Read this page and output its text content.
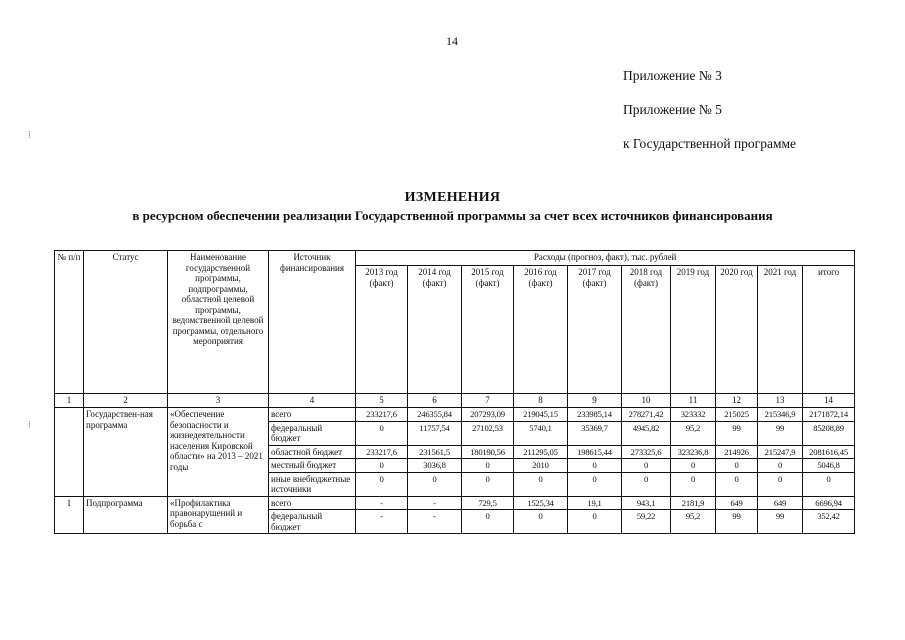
14
Приложение № 3
Приложение № 5
к Государственной программе
ИЗМЕНЕНИЯ
в ресурсном обеспечении реализации Государственной программы за счет всех источников финансирования
⁞
⁞
№ п/п	Статус	Наименование государственной программы, подпрограммы, областной целевой программы, ведомственной целевой программы, отдельного мероприятия	Источник финансирования	Расходы (прогноз, факт), тыс. рублей									
				2013 год (факт)	2014 год (факт)	2015 год (факт)	2016 год (факт)	2017 год (факт)	2018 год (факт)	2019 год	2020 год	2021 год	итого
1	2	3	4	5	6	7	8	9	10	11	12	13	14
	Государствен-ная программа	«Обеспечение безопасности и жизнедеятельности населения Кировской области» на 2013 – 2021 годы	всего	233217,6	246355,84	207293,09	219045,15	233985,14	278271,42	323332	215025	215346,9	2171872,14
			федеральный бюджет	0	11757,54	27102,53	5740,1	35369,7	4945,82	95,2	99	99	85208,89
			областной бюджет	233217,6	231561,5	180190,56	211295,05	198615,44	273325,6	323236,8	214926	215247,9	2081616,45
			местный бюджет	0	3036,8	0	2010	0	0	0	0	0	5046,8
			иные внебюджетные источники	0	0	0	0	0	0	0	0	0	0
1	Подпрограмма	«Профилактика правонарушений и борьба с	всего	-	-	729,5	1525,34	19,1	943,1	2181,9	649	649	6696,94
			федеральный бюджет	-	-	0	0	0	59,22	95,2	99	99	352,42
